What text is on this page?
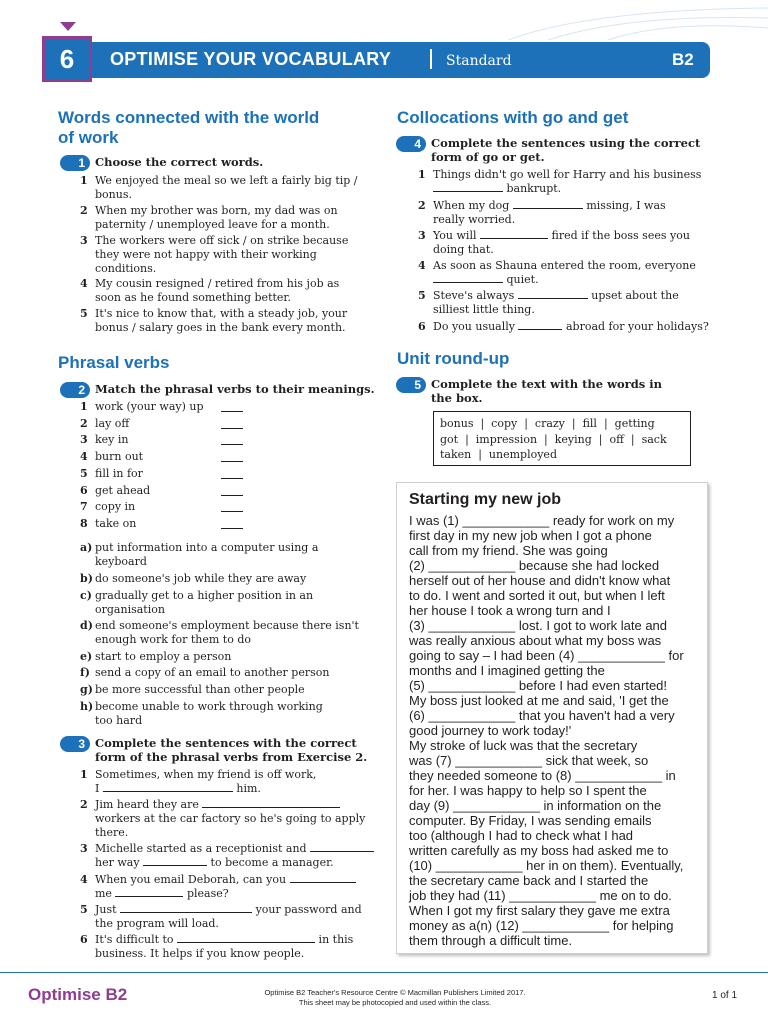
6	OPTIMISE YOUR VOCABULARY	Standard	B2
Words connected with the world
of work
1 Choose the correct words.
1 We enjoyed the meal so we left a fairly big tip /
bonus.
2 When my brother was born, my dad was on
paternity / unemployed leave for a month.
3 The workers were off sick / on strike because
they were not happy with their working
conditions.
4 My cousin resigned / retired from his job as
soon as he found something better.
5 It's nice to know that, with a steady job, your
bonus / salary goes in the bank every month.
Phrasal verbs
2 Match the phrasal verbs to their meanings.
1 work (your way) up
2 lay off
3 key in
4 burn out
5 fill in for
6 get ahead
7 copy in
8 take on
a) put information into a computer using a
keyboard
b) do someone's job while they are away
c) gradually get to a higher position in an
organisation
d) end someone's employment because there isn't
enough work for them to do
e) start to employ a person
f) send a copy of an email to another person
g) be more successful than other people
h) become unable to work through working
too hard
3 Complete the sentences with the correct
form of the phrasal verbs from Exercise 2.
1 Sometimes, when my friend is off work,
I	him.
2 Jim heard they are
workers at the car factory so he's going to apply
there.
3 Michelle started as a receptionist and
her way	to become a manager.
4 When you email Deborah, can you
me	please?
5 Just	your password and
the program will load.
6 It's difficult to	in this
business. It helps if you know people.
Collocations with go and get
4 Complete the sentences using the correct
form of go or get.
1 Things didn't go well for Harry and his business
bankrupt.
2 When my dog	missing, I was
really worried.
3 You will	fired if the boss sees you
doing that.
4 As soon as Shauna entered the room, everyone
quiet.
5 Steve's always	upset about the
silliest little thing.
6 Do you usually	abroad for your holidays?
Unit round-up
5 Complete the text with the words in
the box.
bonus  |  copy  |  crazy  |  fill  |  getting
got  |  impression  |  keying  |  off  |  sack
taken  |  unemployed
Starting my new job
I was (1) ____________ ready for work on my
first day in my new job when I got a phone
call from my friend. She was going
(2) ____________ because she had locked
herself out of her house and didn't know what
to do. I went and sorted it out, but when I left
her house I took a wrong turn and I
(3) ____________ lost. I got to work late and
was really anxious about what my boss was
going to say – I had been (4) ____________ for
months and I imagined getting the
(5) ____________ before I had even started!
My boss just looked at me and said, 'I get the
(6) ____________ that you haven't had a very
good journey to work today!'
My stroke of luck was that the secretary
was (7) ____________ sick that week, so
they needed someone to (8) ____________ in
for her. I was happy to help so I spent the
day (9) ____________ in information on the
computer. By Friday, I was sending emails
too (although I had to check what I had
written carefully as my boss had asked me to
(10) ____________ her in on them). Eventually,
the secretary came back and I started the
job they had (11) ____________ me on to do.
When I got my first salary they gave me extra
money as a(n) (12) ____________ for helping
them through a difficult time.
Optimise B2	Optimise B2 Teacher's Resource Centre © Macmillan Publishers Limited 2017.
This sheet may be photocopied and used within the class.
1 of 1
